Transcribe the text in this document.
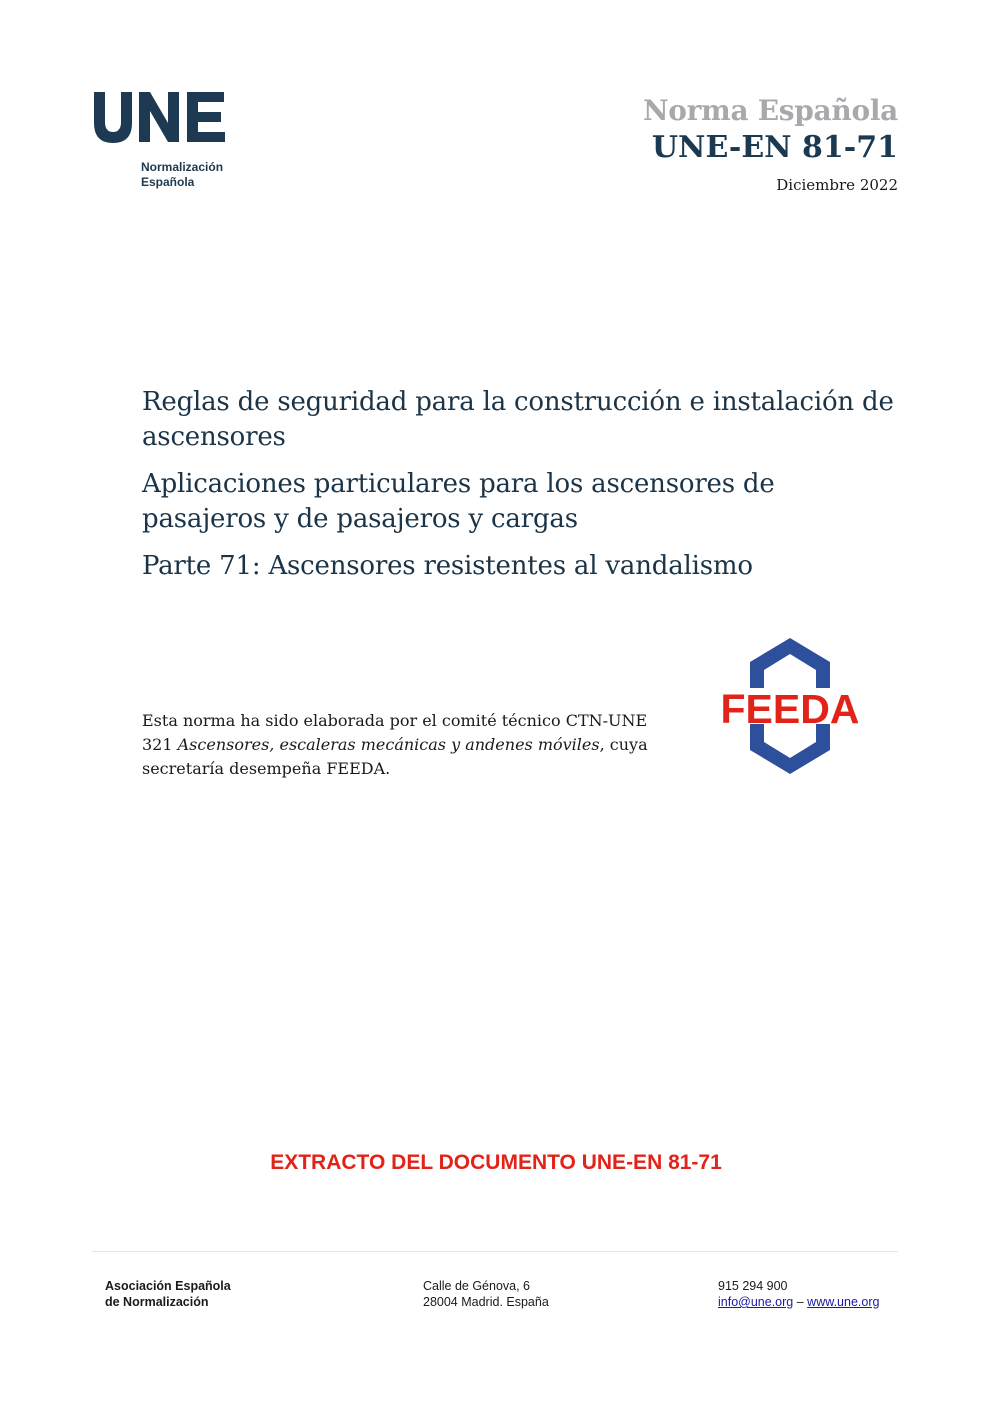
Normalización
Española
Norma Española
UNE-EN 81-71
Diciembre 2022

Reglas de seguridad para la construcción e instalación de ascensores

Aplicaciones particulares para los ascensores de pasajeros y de pasajeros y cargas

Parte 71: Ascensores resistentes al vandalismo

Esta norma ha sido elaborada por el comité técnico CTN-UNE 321 Ascensores, escaleras mecánicas y andenes móviles, cuya secretaría desempeña FEEDA.
FEEDA
EXTRACTO DEL DOCUMENTO UNE-EN 81-71
Asociación Española
de Normalización
Calle de Génova, 6
28004 Madrid. España
915 294 900
info@une.org – www.une.org
